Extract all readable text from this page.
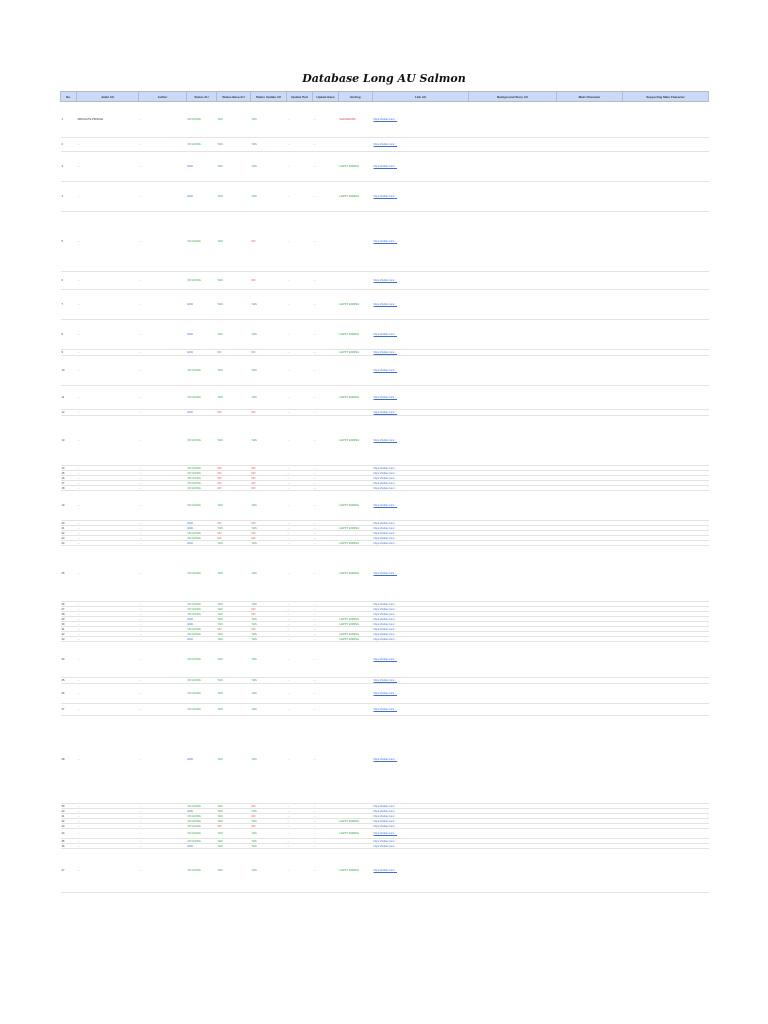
Database Long AU Salmon
No.	Judul AU	Author	Status AU	Status Baca AU	Status Update AU	Update Part	Update Baca	Ending	Link AU	Background Story AU	Main Character	Supporting Main Character
1	ABSOLUTE PROFILE	…	ON GOING	YES	YES	…	…	SAD ENDING	https://twitter.com/…			
2	…	…	ON GOING	YES	YES	…	…		https://twitter.com/…			
3	…	…	END	YES	YES	…	…	HAPPY ENDING	https://twitter.com/…			
4	…	…	END	YES	YES	…	…	HAPPY ENDING	https://twitter.com/…			
5	…	…	ON GOING	YES	NO	…	…		https://twitter.com/…			
6	…	…	ON GOING	YES	NO	…	…		https://twitter.com/…			
7	…	…	END	YES	YES	…	…	HAPPY ENDING	https://twitter.com/…			
8	…	…	END	YES	YES	…	…	HAPPY ENDING	https://twitter.com/…			
9	…	…	END	NO	NO	…	…	HAPPY ENDING	https://twitter.com/…			
10	…	…	ON GOING	YES	YES	…	…		https://twitter.com/…			
11	…	…	ON GOING	YES	YES	…	…	HAPPY ENDING	https://twitter.com/…			
12	…	…	END	NO	NO	…	…		https://twitter.com/…			
13	…	…	ON GOING	YES	YES	…	…	HAPPY ENDING	https://twitter.com/…			
14	…	…	ON GOING	NO	NO	…	…		https://twitter.com/…			
15	…	…	ON GOING	NO	NO	…	…		https://twitter.com/…			
16	…	…	ON GOING	NO	NO	…	…		https://twitter.com/…			
17	…	…	ON GOING	NO	NO	…	…		https://twitter.com/…			
18	…	…	ON GOING	NO	NO	…	…		https://twitter.com/…			
19	…	…	ON GOING	YES	YES	…	…	HAPPY ENDING	https://twitter.com/…			
20	…	…	END	NO	NO	…	…		https://twitter.com/…			
21	…	…	END	YES	YES	…	…	HAPPY ENDING	https://twitter.com/…			
22	…	…	ON GOING	NO	NO	…	…		https://twitter.com/…			
23	…	…	ON GOING	NO	NO	…	…		https://twitter.com/…			
24	…	…	END	YES	YES	…	…	HAPPY ENDING	https://twitter.com/…			
25	…	…	ON GOING	YES	YES	…	…	HAPPY ENDING	https://twitter.com/…			
26	…	…	ON GOING	YES	YES	…	…		https://twitter.com/…			
27	…	…	ON GOING	YES	NO	…	…		https://twitter.com/…			
28	…	…	ON GOING	YES	NO	…	…		https://twitter.com/…			
29	…	…	END	YES	YES	…	…	HAPPY ENDING	https://twitter.com/…			
30	…	…	END	YES	YES	…	…	HAPPY ENDING	https://twitter.com/…			
31	…	…	ON GOING	NO	NO	…	…		https://twitter.com/…			
32	…	…	ON GOING	YES	YES	…	…	HAPPY ENDING	https://twitter.com/…			
33	…	…	END	YES	YES	…	…	HAPPY ENDING	https://twitter.com/…			
34	…	…	ON GOING	YES	YES	…	…		https://twitter.com/…			
35	…	…	ON GOING	YES	YES	…	…		https://twitter.com/…			
36	…	…	ON GOING	YES	YES	…	…		https://twitter.com/…			
37	…	…	ON GOING	YES	YES	…	…		https://twitter.com/…			
38	…	…	END	YES	YES	…	…		https://twitter.com/…			
39	…	…	ON GOING	YES	NO	…	…		https://twitter.com/…			
40	…	…	END	YES	YES	…	…		https://twitter.com/…			
41	…	…	ON GOING	YES	NO	…	…		https://twitter.com/…			
42	…	…	ON GOING	YES	YES	…	…	HAPPY ENDING	https://twitter.com/…			
43	…	…	ON GOING	NO	NO	…	…		https://twitter.com/…			
44	…	…	ON GOING	YES	YES	…	…	HAPPY ENDING	https://twitter.com/…			
45	…	…	ON GOING	YES	YES	…	…		https://twitter.com/…			
46	…	…	END	YES	YES	…	…		https://twitter.com/…			
47	…	…	ON GOING	YES	YES	…	…	HAPPY ENDING	https://twitter.com/…			
